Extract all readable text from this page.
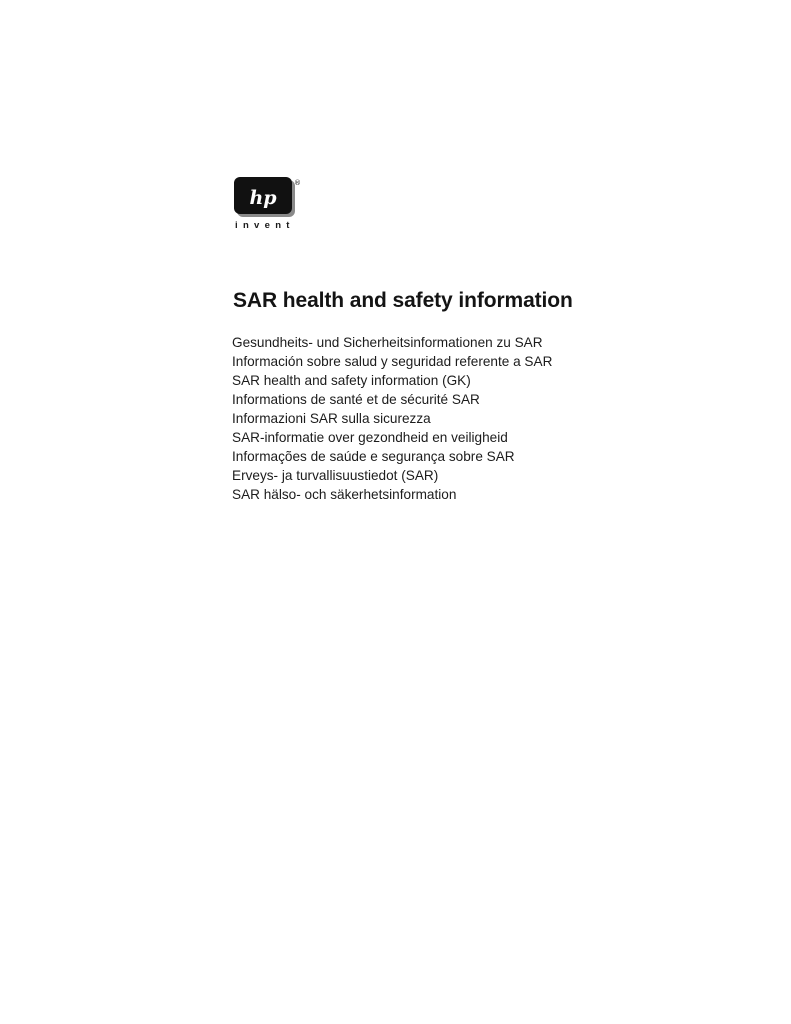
hp
®
invent
SAR health and safety information
Gesundheits- und Sicherheitsinformationen zu SAR
Información sobre salud y seguridad referente a SAR
SAR health and safety information (GK)
Informations de santé et de sécurité SAR
Informazioni SAR sulla sicurezza
SAR-informatie over gezondheid en veiligheid
Informações de saúde e segurança sobre SAR
Erveys- ja turvallisuustiedot (SAR)
SAR hälso- och säkerhetsinformation
